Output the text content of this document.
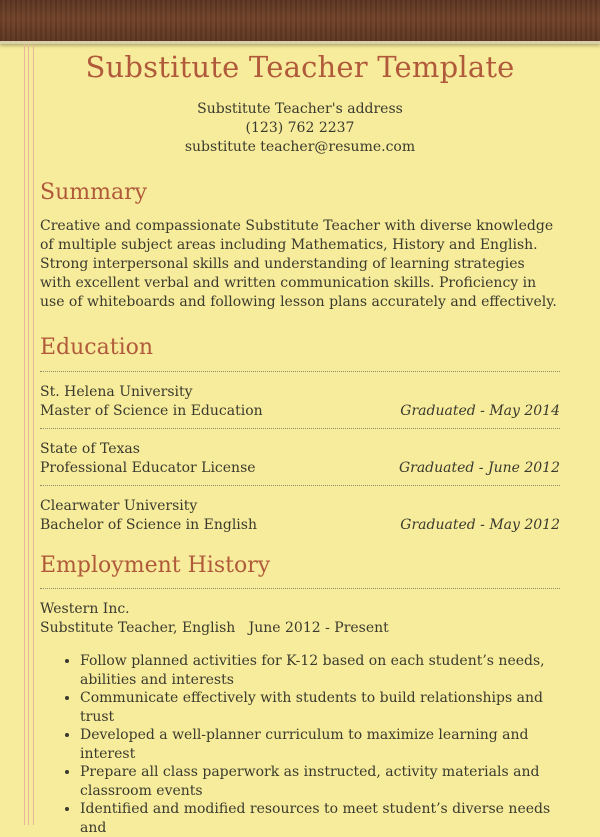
Substitute Teacher Template
Substitute Teacher's address
(123) 762 2237
substitute teacher@resume.com
Summary

Creative and compassionate Substitute Teacher with diverse knowledge of multiple subject areas including Mathematics, History and English. Strong interpersonal skills and understanding of learning strategies with excellent verbal and written communication skills. Proficiency in use of whiteboards and following lesson plans accurately and effectively.

Education
St. Helena University
Master of Science in Education	Graduated - May 2014
State of Texas
Professional Educator License	Graduated - June 2012
Clearwater University
Bachelor of Science in English	Graduated - May 2012
Employment History
Western Inc.
Substitute Teacher, English   June 2012 - Present
• Follow planned activities for K-12 based on each student’s needs, abilities and interests
• Communicate effectively with students to build relationships and trust
• Developed a well-planner curriculum to maximize learning and interest
• Prepare all class paperwork as instructed, activity materials and classroom events
• Identified and modified resources to meet student’s diverse needs and
